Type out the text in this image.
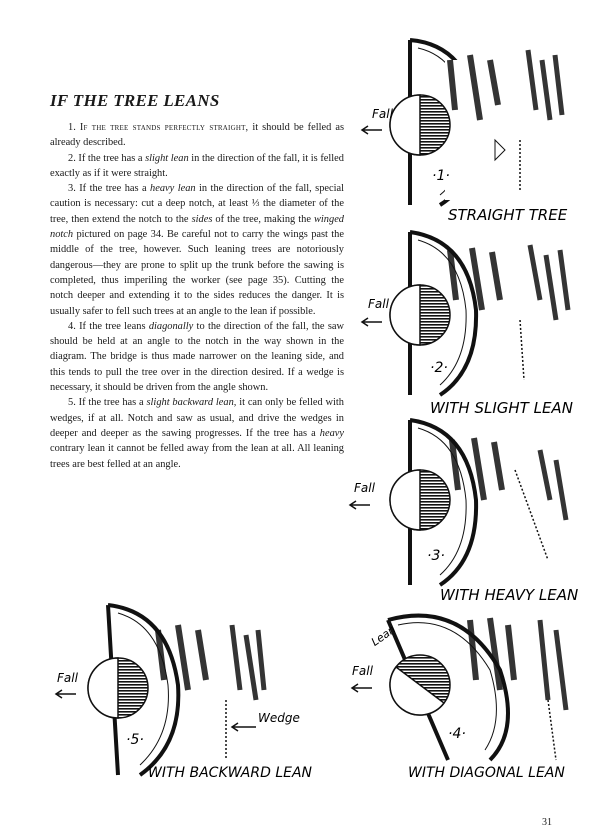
IF THE TREE LEANS

1. If the tree stands perfectly straight, it should be felled as already described.

2. If the tree has a slight lean in the direction of the fall, it is felled exactly as if it were straight.

3. If the tree has a heavy lean in the direction of the fall, special caution is necessary: cut a deep notch, at least ⅓ the diameter of the tree, then extend the notch to the sides of the tree, making the winged notch pictured on page 34. Be careful not to carry the wings past the middle of the tree, however. Such leaning trees are notoriously dangerous—they are prone to split up the trunk before the sawing is completed, thus imperiling the worker (see page 35). Cutting the notch deeper and extending it to the sides reduces the danger. It is usually safer to fell such trees at an angle to the lean if possible.

4. If the tree leans diagonally to the direction of the fall, the saw should be held at an angle to the notch in the way shown in the diagram. The bridge is thus made narrower on the leaning side, and this tends to pull the tree over in the direction desired. If a wedge is necessary, it should be driven from the angle shown.

5. If the tree has a slight backward lean, it can only be felled with wedges, if at all. Notch and saw as usual, and drive the wedges in deeper and deeper as the sawing progresses. If the tree has a heavy contrary lean it cannot be felled away from the lean at all. All leaning trees are best felled at an angle.

Fall
·1·
STRAIGHT TREE
Fall
·2·
WITH SLIGHT LEAN
Fall
·3·
WITH HEAVY LEAN
Fall
Wedge
·5·
WITH BACKWARD LEAN
Lean
Fall
·4·
WITH DIAGONAL LEAN
31
